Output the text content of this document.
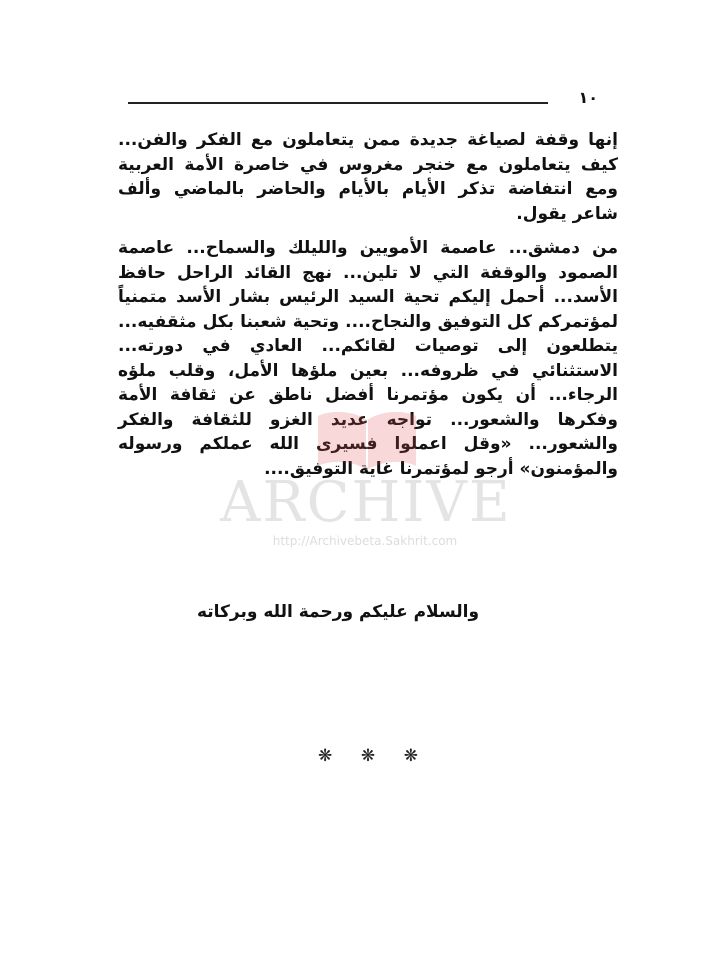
١٠

إنها وقفة لصياغة جديدة ممن يتعاملون مع الفكر والفن... كيف يتعاملون مع خنجر مغروس في خاصرة الأمة العربية ومع انتفاضة تذكر الأيام بالأيام والحاضر بالماضي وألف شاعر يقول.

من دمشق... عاصمة الأمويين والليلك والسماح... عاصمة الصمود والوقفة التي لا تلين... نهج القائد الراحل حافظ الأسد... أحمل إليكم تحية السيد الرئيس بشار الأسد متمنياً لمؤتمركم كل التوفيق والنجاح.... وتحية شعبنا بكل مثقفيه... يتطلعون إلى توصيات لقائكم... العادي في دورته... الاستثنائي في ظروفه... بعين ملؤها الأمل، وقلب ملؤه الرجاء... أن يكون مؤتمرنا أفضل ناطق عن ثقافة الأمة وفكرها والشعور... تواجه عديد الغزو للثقافة والفكر والشعور... «وقل اعملوا فسيرى الله عملكم ورسوله والمؤمنون» أرجو لمؤتمرنا غاية التوفيق....

والسلام عليكم ورحمة الله وبركاته
❋ ❋ ❋
ARCHIVE
http://Archivebeta.Sakhrit.com
